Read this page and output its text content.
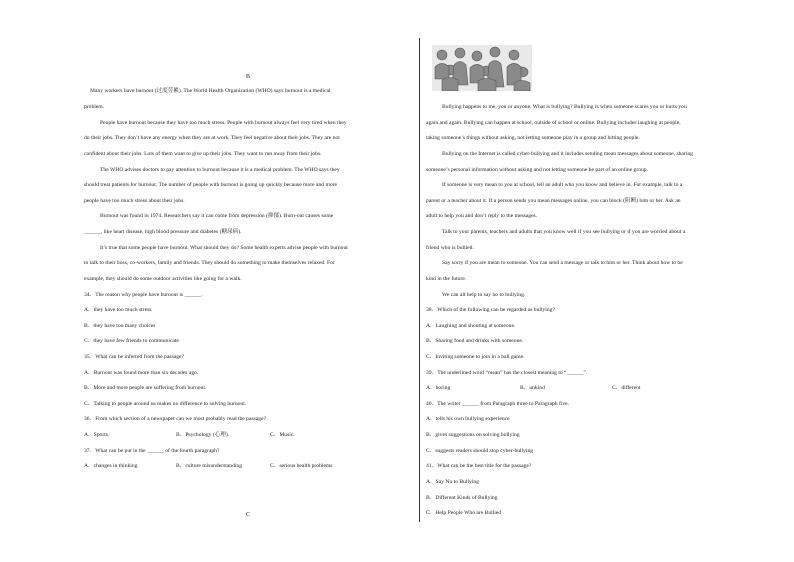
B
Many workers have burnout (过度劳累). The World Health Organization (WHO) says burnout is a medical
problem.
People have burnout because they have too much stress. People with burnout always feel very tired when they
do their jobs. They don’t have any energy when they are at work. They feel negative about their jobs. They are not
confident about their jobs. Lots of them want to give up their jobs. They want to run away from their jobs.
The WHO advises doctors to pay attention to burnout because it is a medical problem. The WHO says they
should treat patients for burnout. The number of people with burnout is going up quickly because more and more
people have too much stress about their jobs.
Burnout was found in 1974. Researchers say it can come from depression (抑郁). Burn-out causes some
______, like heart disease, high blood pressure and diabetes (糖尿病).
It’s true that some people have burnout. What should they do? Some health experts advise people with burnout
to talk to their boss, co-workers, family and friends. They should do something to make themselves relaxed. For
example, they should do some outdoor activities like going for a walk.
34．The reason why people have burnout is ______.
A．they have too much stress
B．they have too many choices
C．they have few friends to communicate
35．What can be inferred from the passage?
A．Burnout was found more than six decades ago.
B．More and more people are suffering from burnout.
C．Talking to people around us makes no difference to solving burnout.
36．From which section of a newspaper can we most probably read the passage?
A．Sports.	B．Psychology (心理).	C．Music.
37．What can be put in the ______ of the fourth paragraph?
A．changes in thinking	B．culture misunderstanding	C．serious health problems
C
Bullying happens to me, you or anyone. What is bullying? Bullying is when someone scares you or hurts you
again and again. Bullying can happen at school, outside of school or online. Bullying includes laughing at people,
taking someone’s things without asking, not letting someone play in a group and hitting people.
Bullying on the Internet is called cyber-bullying and it includes sending mean messages about someone, sharing
someone’s personal information without asking and not letting someone be part of an online group.
If someone is very mean to you at school, tell an adult who you know and believe in. For example, talk to a
parent or a teacher about it. If a person sends you mean messages online, you can block (阻断) him or her. Ask an
adult to help you and don’t reply to the messages.
Talk to your parents, teachers and adults that you know well if you see bullying or if you are worried about a
friend who is bullied.
Say sorry if you are mean to someone. You can send a message or talk to him or her. Think about how to be
kind in the future.
We can all help to say no to bullying.
38．Which of the following can be regarded as bullying?
A．Laughing and shouting at someone.
B．Sharing food and drinks with someone.
C．Inviting someone to join in a ball game.
39．The underlined word “mean” has the closest meaning to “______”.
A．boring	B．unkind	C．different
40．The writer ______ from Paragraph three to Paragraph five.
A．tells his own bullying experience
B．gives suggestions on solving bullying
C．suggests readers should stop cyber-bullying
41．What can be the best title for the passage?
A．Say No to Bullying
B．Different Kinds of Bullying
C．Help People Who are Bullied
